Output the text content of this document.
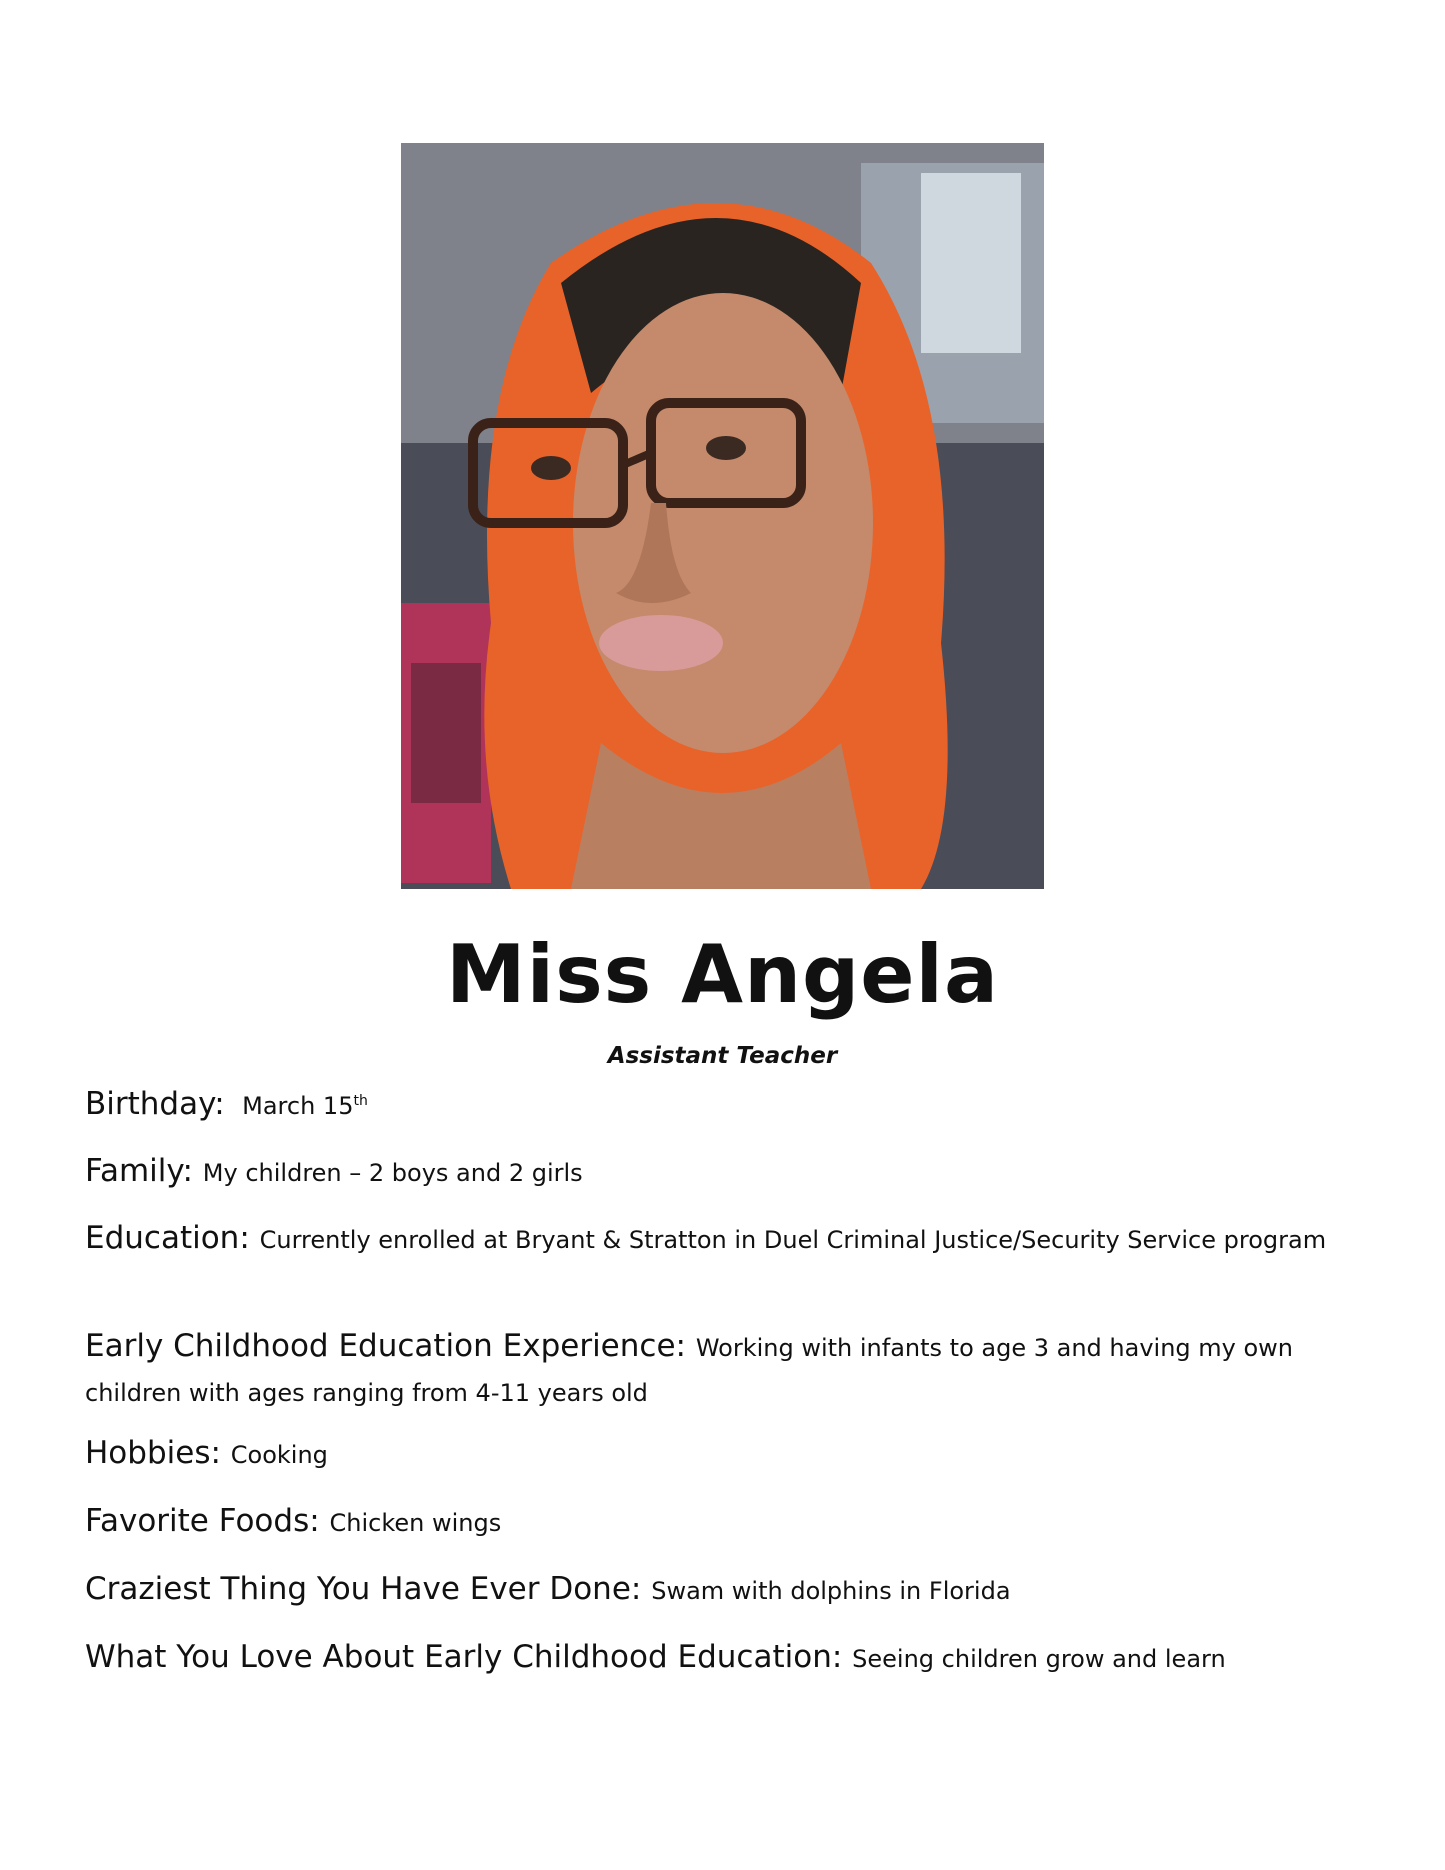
Miss Angela
Assistant Teacher
Birthday:  March 15th
Family: My children – 2 boys and 2 girls
Education: Currently enrolled at Bryant & Stratton in Duel Criminal Justice/Security Service program
Early Childhood Education Experience: Working with infants to age 3 and having my own children with ages ranging from 4-11 years old
Hobbies: Cooking
Favorite Foods: Chicken wings
Craziest Thing You Have Ever Done: Swam with dolphins in Florida
What You Love About Early Childhood Education: Seeing children grow and learn
